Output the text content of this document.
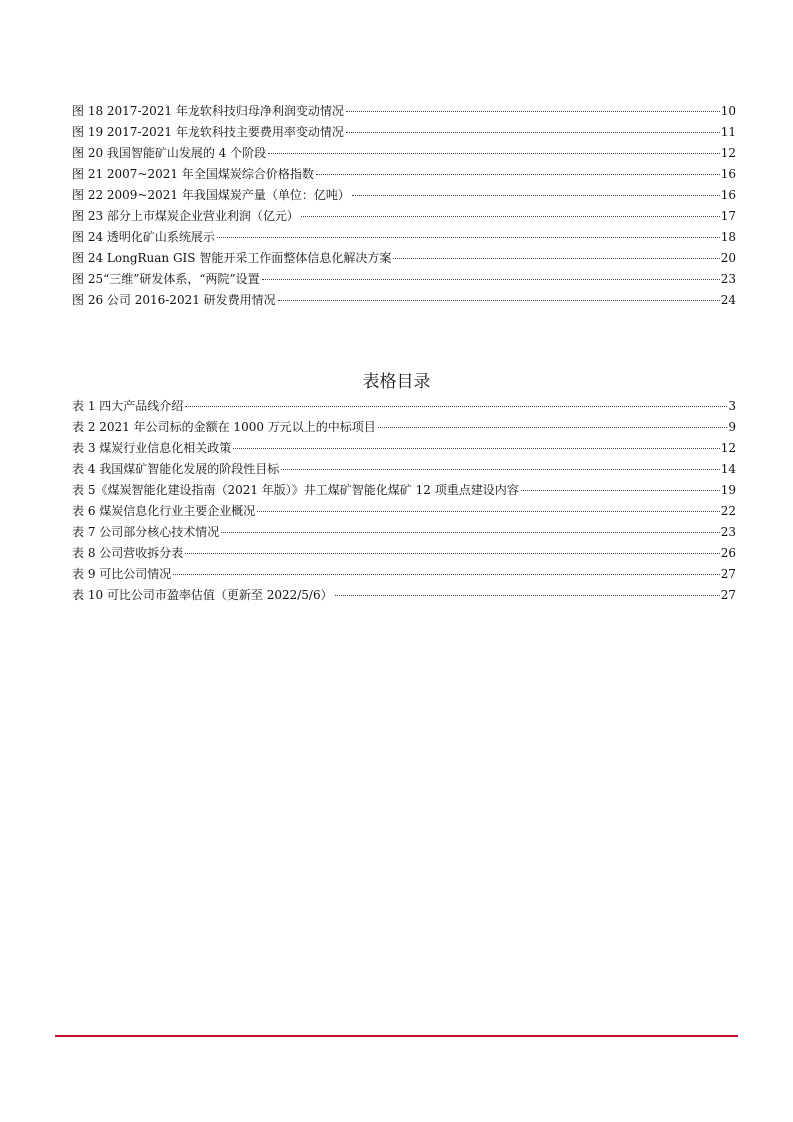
图 18 2017-2021 年龙软科技归母净利润变动情况	10
图 19 2017-2021 年龙软科技主要费用率变动情况	11
图 20 我国智能矿山发展的 4 个阶段	12
图 21 2007~2021 年全国煤炭综合价格指数	16
图 22 2009~2021 年我国煤炭产量（单位：亿吨）	16
图 23 部分上市煤炭企业营业利润（亿元）	17
图 24 透明化矿山系统展示	18
图 24 LongRuan GIS 智能开采工作面整体信息化解决方案	20
图 25“三维”研发体系，“两院”设置	23
图 26 公司 2016-2021 研发费用情况	24
表格目录
表 1 四大产品线介绍	3
表 2 2021 年公司标的金额在 1000 万元以上的中标项目	9
表 3 煤炭行业信息化相关政策	12
表 4 我国煤矿智能化发展的阶段性目标	14
表 5《煤炭智能化建设指南（2021 年版）》井工煤矿智能化煤矿 12 项重点建设内容	19
表 6 煤炭信息化行业主要企业概况	22
表 7 公司部分核心技术情况	23
表 8 公司营收拆分表	26
表 9 可比公司情况	27
表 10 可比公司市盈率估值（更新至 2022/5/6）	27
